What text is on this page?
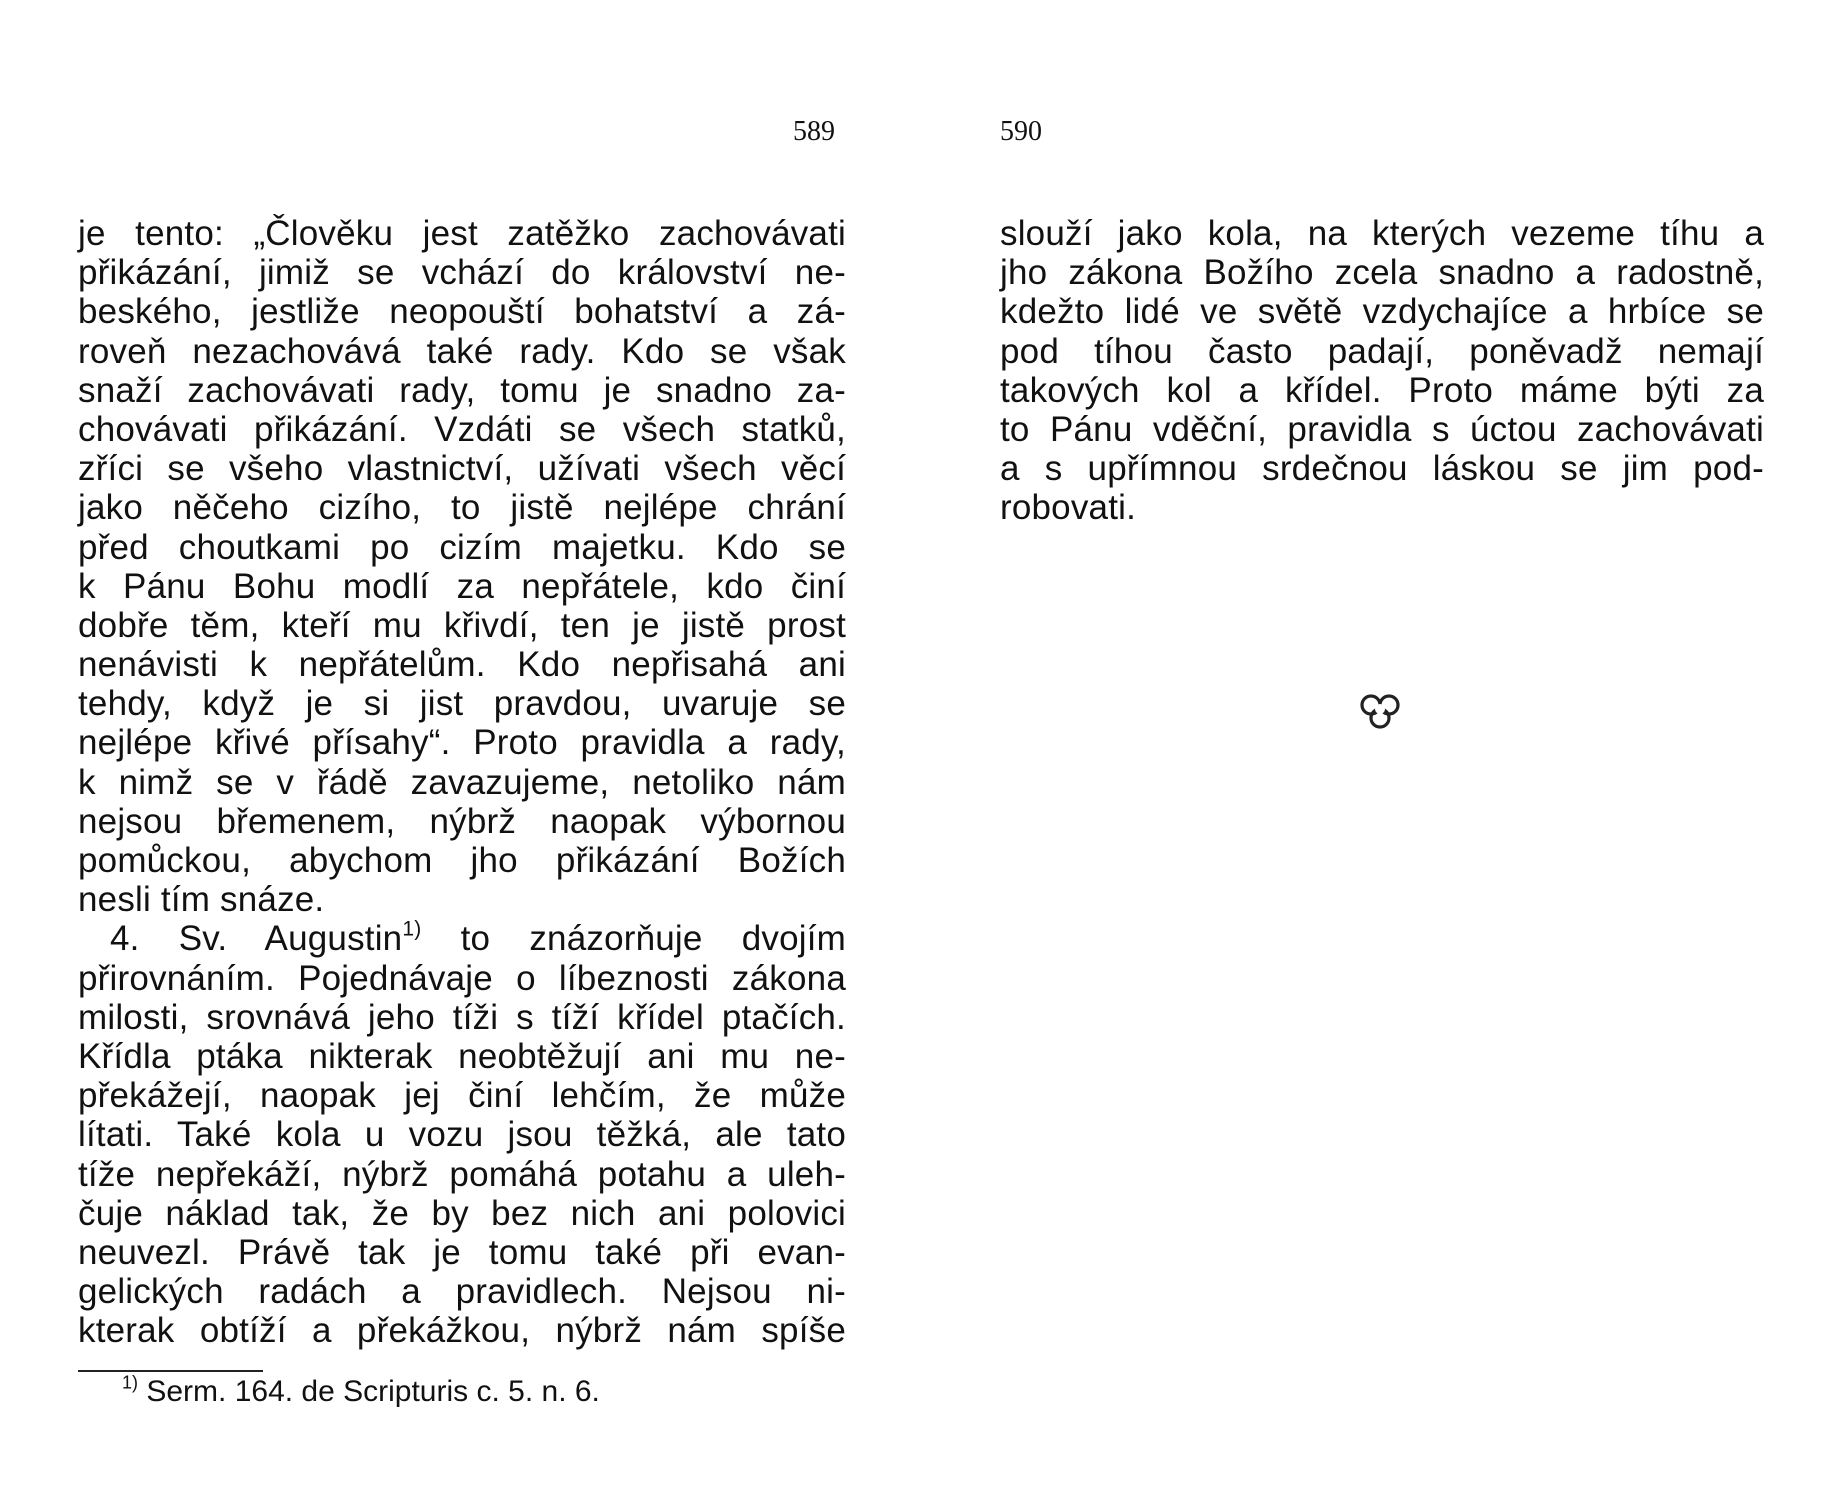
589	590
je tento: „Člověku jest zatěžko zachovávati
přikázání, jimiž se vchází do království ne-
beského, jestliže neopouští bohatství a zá-
roveň nezachovává také rady. Kdo se však
snaží zachovávati rady, tomu je snadno za-
chovávati přikázání. Vzdáti se všech statků,
zříci se všeho vlastnictví, užívati všech věcí
jako něčeho cizího, to jistě nejlépe chrání
před choutkami po cizím majetku. Kdo se
k Pánu Bohu modlí za nepřátele, kdo činí
dobře těm, kteří mu křivdí, ten je jistě prost
nenávisti k nepřátelům. Kdo nepřisahá ani
tehdy, když je si jist pravdou, uvaruje se
nejlépe křivé přísahy“. Proto pravidla a rady,
k nimž se v řádě zavazujeme, netoliko nám
nejsou břemenem, nýbrž naopak výbornou
pomůckou, abychom jho přikázání Božích
nesli tím snáze.
4. Sv. Augustin$^{1)}$ to znázorňuje dvojím
přirovnáním. Pojednávaje o líbeznosti zákona
milosti, srovnává jeho tíži s tíží křídel ptačích.
Křídla ptáka nikterak neobtěžují ani mu ne-
překážejí, naopak jej činí lehčím, že může
lítati. Také kola u vozu jsou těžká, ale tato
tíže nepřekáží, nýbrž pomáhá potahu a uleh-
čuje náklad tak, že by bez nich ani polovici
neuvezl. Právě tak je tomu také při evan-
gelických radách a pravidlech. Nejsou ni-
kterak obtíží a překážkou, nýbrž nám spíše
$^{1)}$ Serm. 164. de Scripturis c. 5. n. 6.
slouží jako kola, na kterých vezeme tíhu a
jho zákona Božího zcela snadno a radostně,
kdežto lidé ve světě vzdychajíce a hrbíce se
pod tíhou často padají, poněvadž nemají
takových kol a křídel. Proto máme býti za
to Pánu vděční, pravidla s úctou zachovávati
a s upřímnou srdečnou láskou se jim pod-
robovati.
